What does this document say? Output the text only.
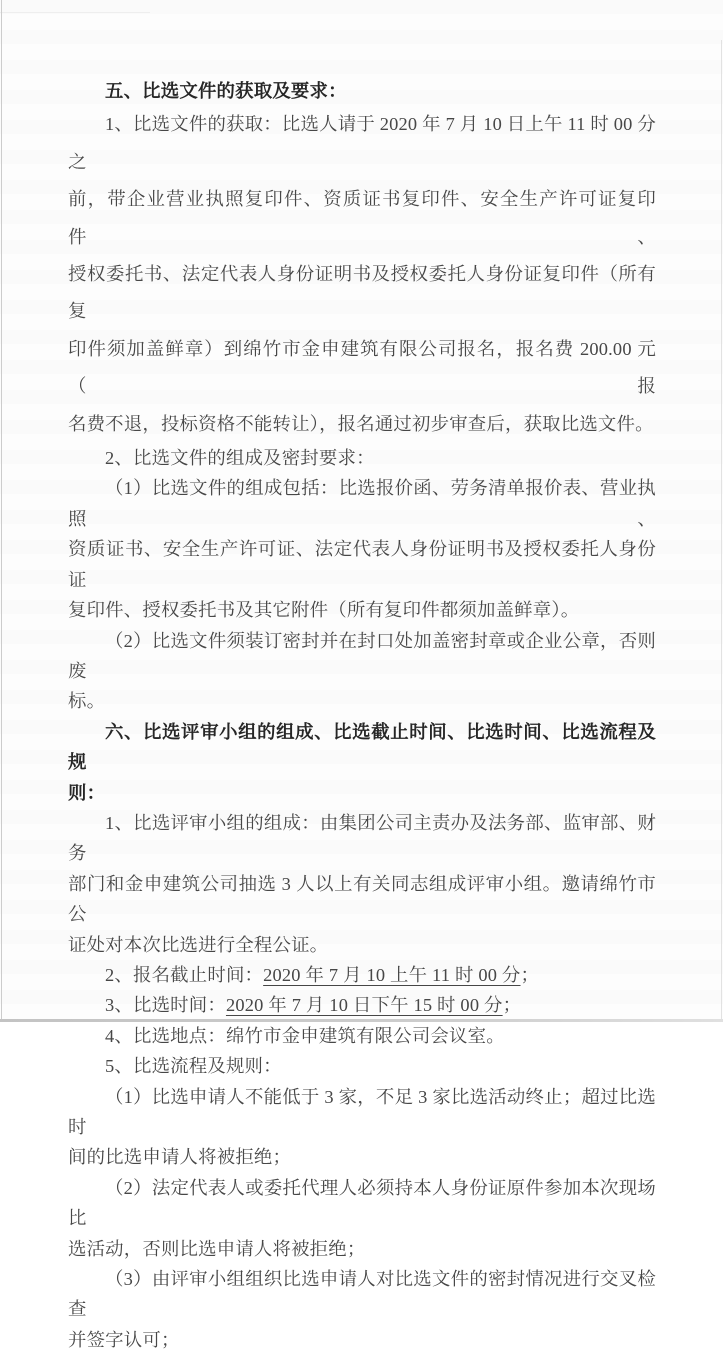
五、比选文件的获取及要求：
1、比选文件的获取：比选人请于 2020 年 7 月 10 日上午 11 时 00 分之
前，带企业营业执照复印件、资质证书复印件、安全生产许可证复印件、
授权委托书、法定代表人身份证明书及授权委托人身份证复印件（所有复
印件须加盖鲜章）到绵竹市金申建筑有限公司报名，报名费 200.00 元（报
名费不退，投标资格不能转让），报名通过初步审查后，获取比选文件。
2、比选文件的组成及密封要求：
（1）比选文件的组成包括：比选报价函、劳务清单报价表、营业执照、
资质证书、安全生产许可证、法定代表人身份证明书及授权委托人身份证
复印件、授权委托书及其它附件（所有复印件都须加盖鲜章）。
（2）比选文件须装订密封并在封口处加盖密封章或企业公章，否则废
标。
六、比选评审小组的组成、比选截止时间、比选时间、比选流程及规
则：
1、比选评审小组的组成：由集团公司主责办及法务部、监审部、财务
部门和金申建筑公司抽选 3 人以上有关同志组成评审小组。邀请绵竹市公
证处对本次比选进行全程公证。
2、报名截止时间：2020 年 7 月 10 上午 11 时 00 分；
3、比选时间：2020 年 7 月 10 日下午 15 时 00 分；
4、比选地点：绵竹市金申建筑有限公司会议室。
5、比选流程及规则：
（1）比选申请人不能低于 3 家，不足 3 家比选活动终止；超过比选时
间的比选申请人将被拒绝；
（2）法定代表人或委托代理人必须持本人身份证原件参加本次现场比
选活动，否则比选申请人将被拒绝；
（3）由评审小组组织比选申请人对比选文件的密封情况进行交叉检查
并签字认可；
